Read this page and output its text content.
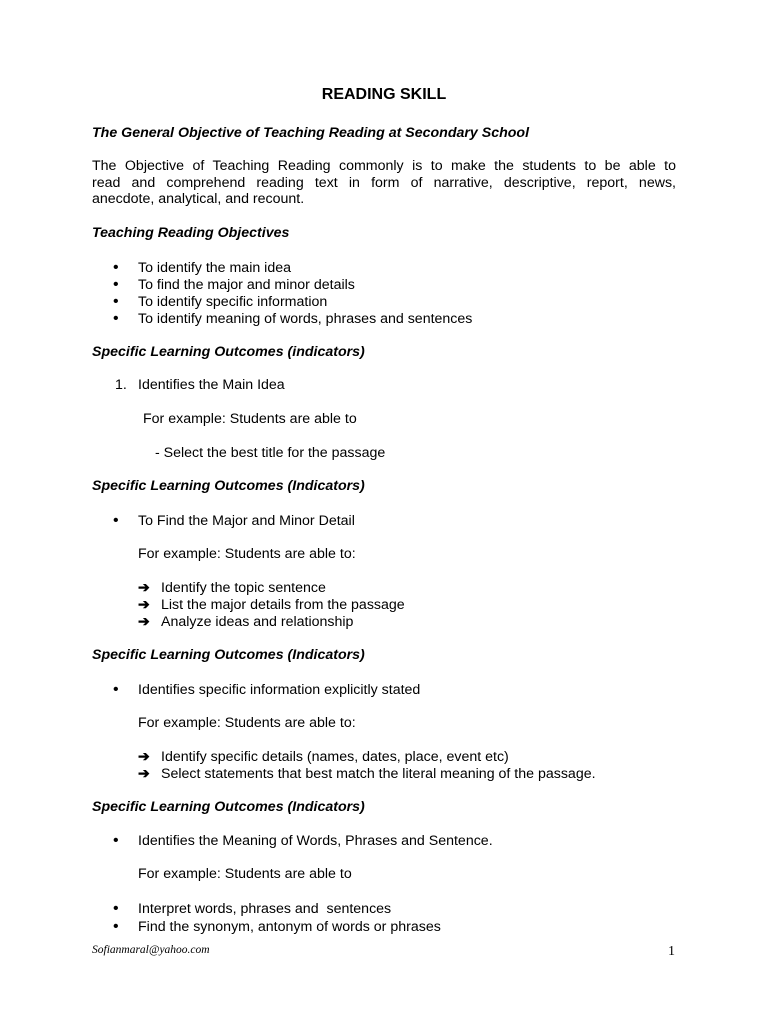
READING SKILL
The General Objective of Teaching Reading at Secondary School
The Objective of Teaching Reading commonly is to make the students to be able to
read and comprehend reading text in form of narrative, descriptive, report, news,
anecdote, analytical, and recount.
Teaching Reading Objectives
• To identify the main idea
• To find the major and minor details
• To identify specific information
• To identify meaning of words, phrases and sentences
Specific Learning Outcomes (indicators)
1. Identifies the Main Idea
For example: Students are able to
- Select the best title for the passage
Specific Learning Outcomes (Indicators)
• To Find the Major and Minor Detail
For example: Students are able to:
➔ Identify the topic sentence
➔ List the major details from the passage
➔ Analyze ideas and relationship
Specific Learning Outcomes (Indicators)
• Identifies specific information explicitly stated
For example: Students are able to:
➔ Identify specific details (names, dates, place, event etc)
➔ Select statements that best match the literal meaning of the passage.
Specific Learning Outcomes (Indicators)
• Identifies the Meaning of Words, Phrases and Sentence.
For example: Students are able to
• Interpret words, phrases and  sentences
• Find the synonym, antonym of words or phrases
Sofianmaral@yahoo.com	1
